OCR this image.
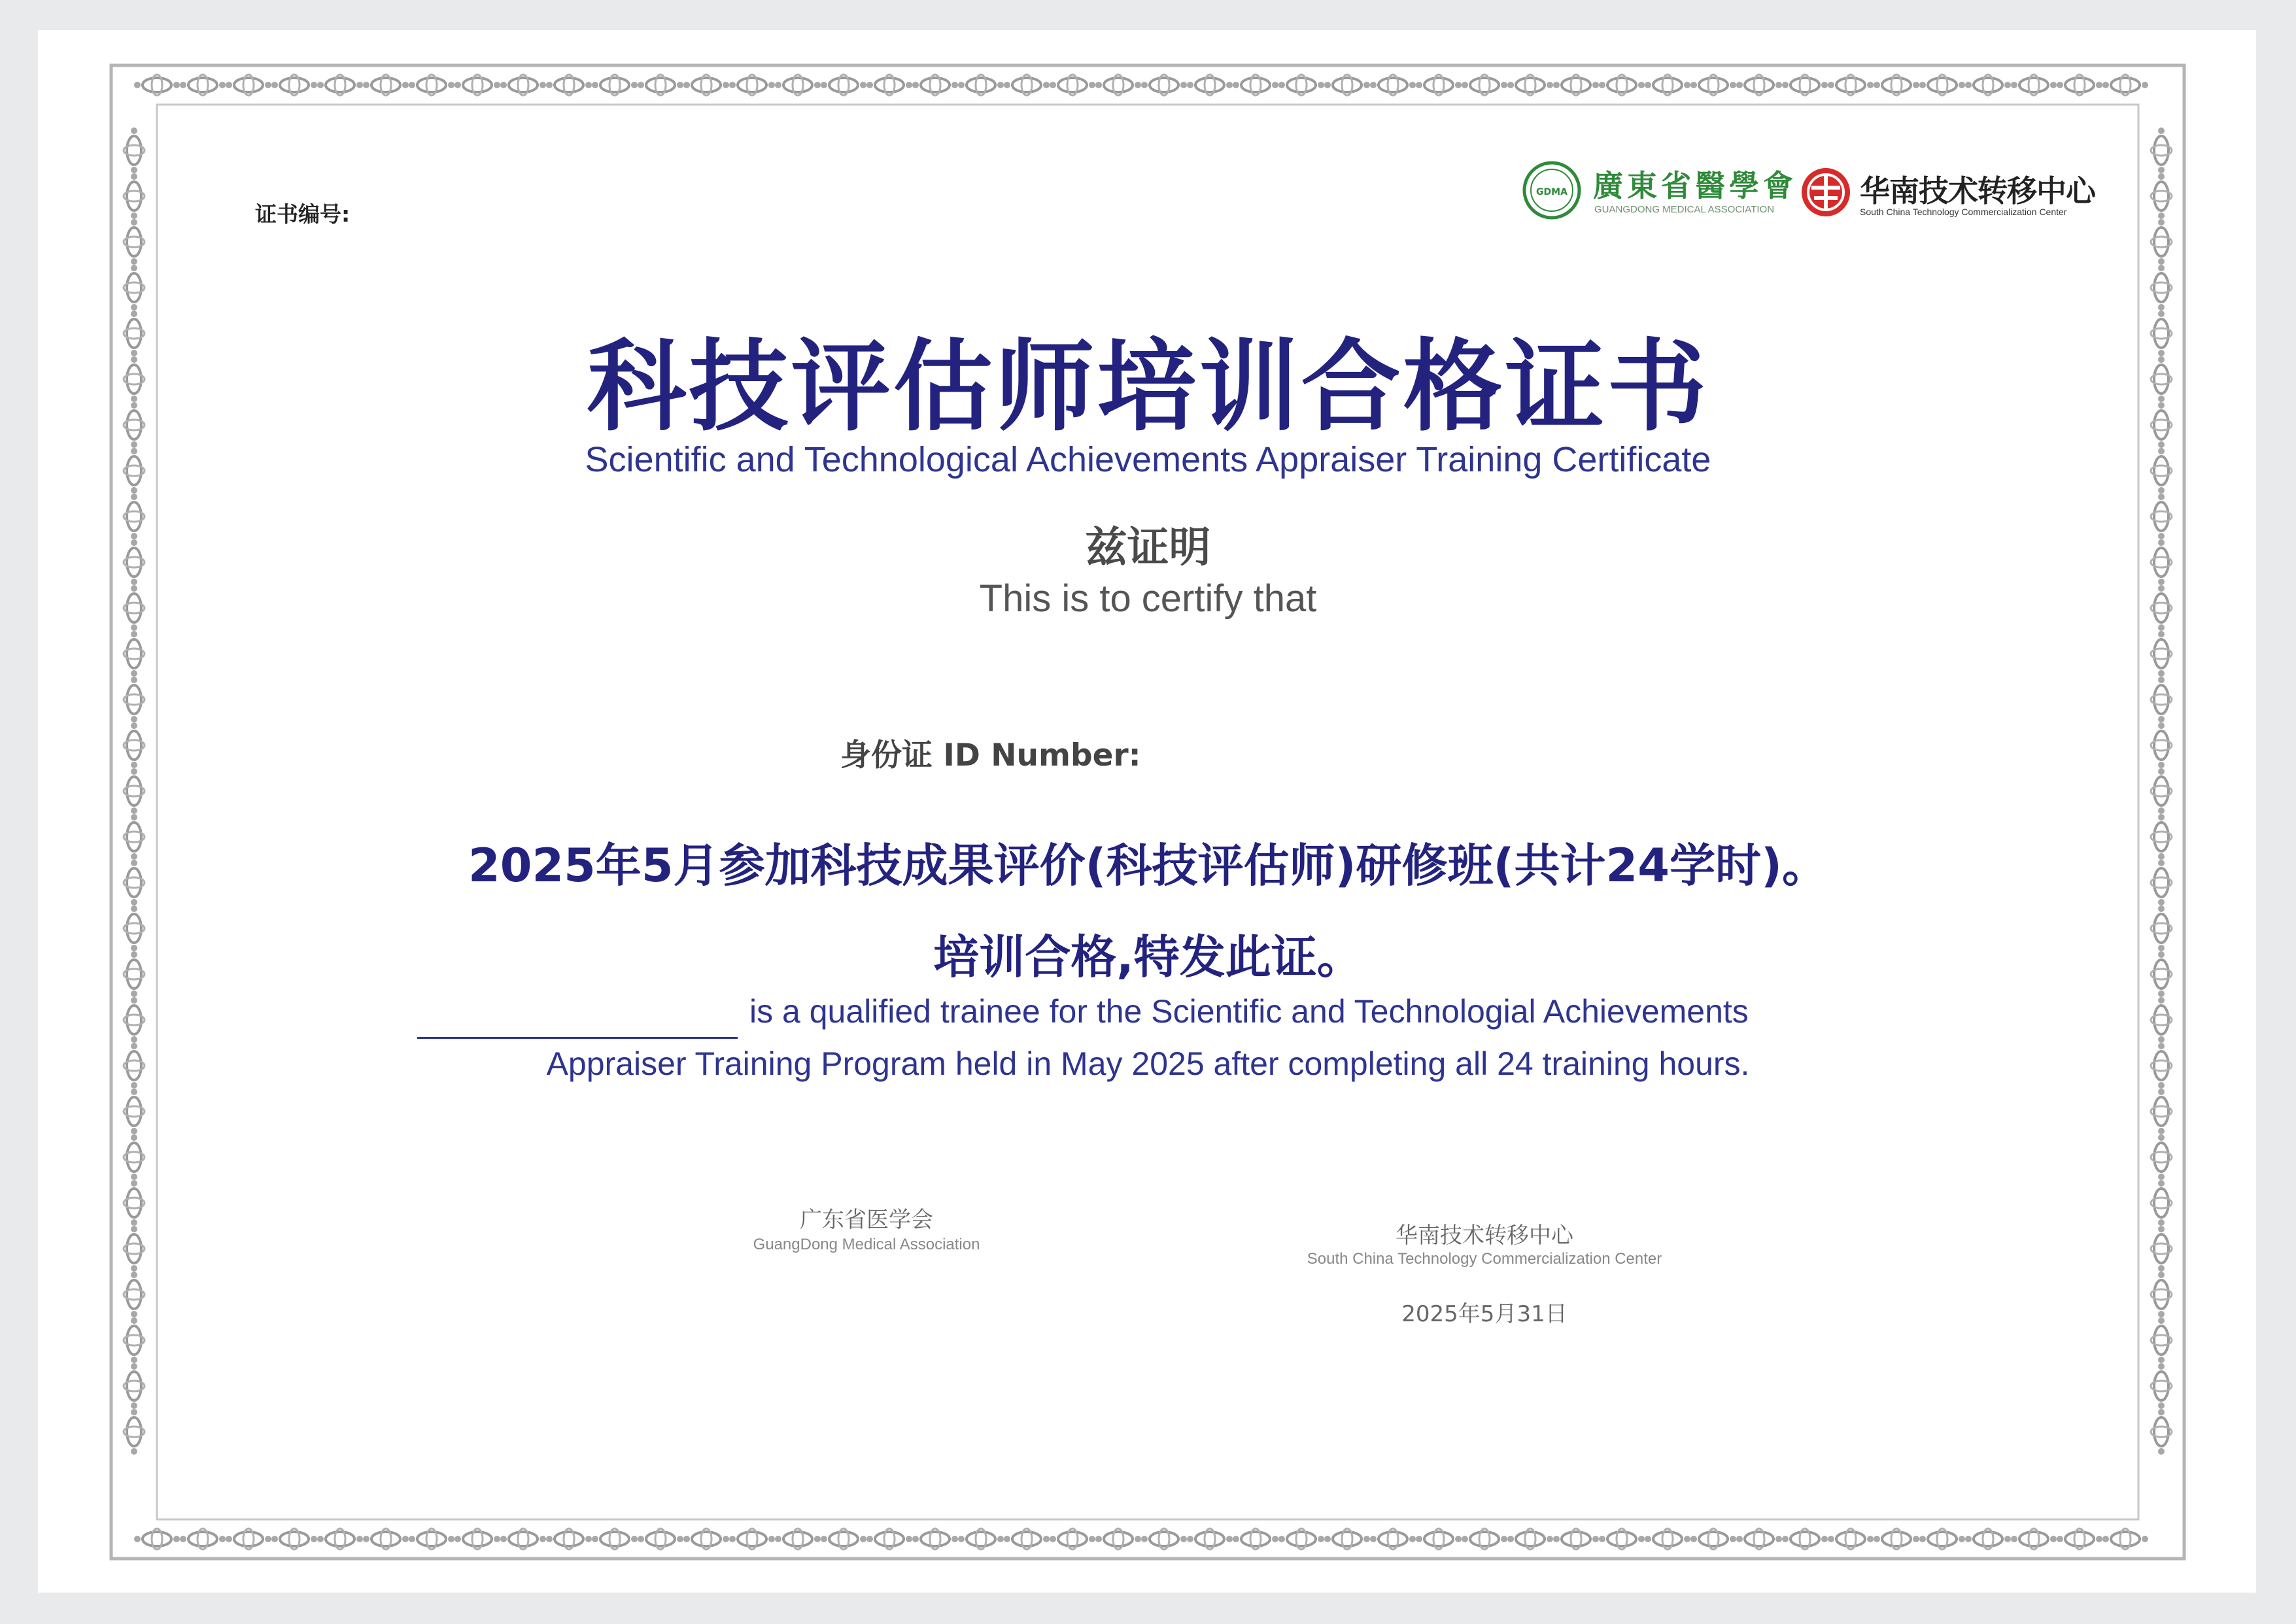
证书编号:
GDMA 廣東省醫學會
GUANGDONG MEDICAL ASSOCIATION
华南技术转移中心
South China Technology Commercialization Center
科技评估师培训合格证书
Scientific and Technological Achievements Appraiser Training Certificate
兹证明
This is to certify that
身份证 ID Number:
2025年5月参加科技成果评价(科技评估师)研修班(共计24学时)。
培训合格,特发此证。
is a qualified trainee for the Scientific and Technologial Achievements
Appraiser Training Program held in May 2025 after completing all 24 training hours.
广东省医学会
GuangDong Medical Association	华南技术转移中心
South China Technology Commercialization Center
2025年5月31日
